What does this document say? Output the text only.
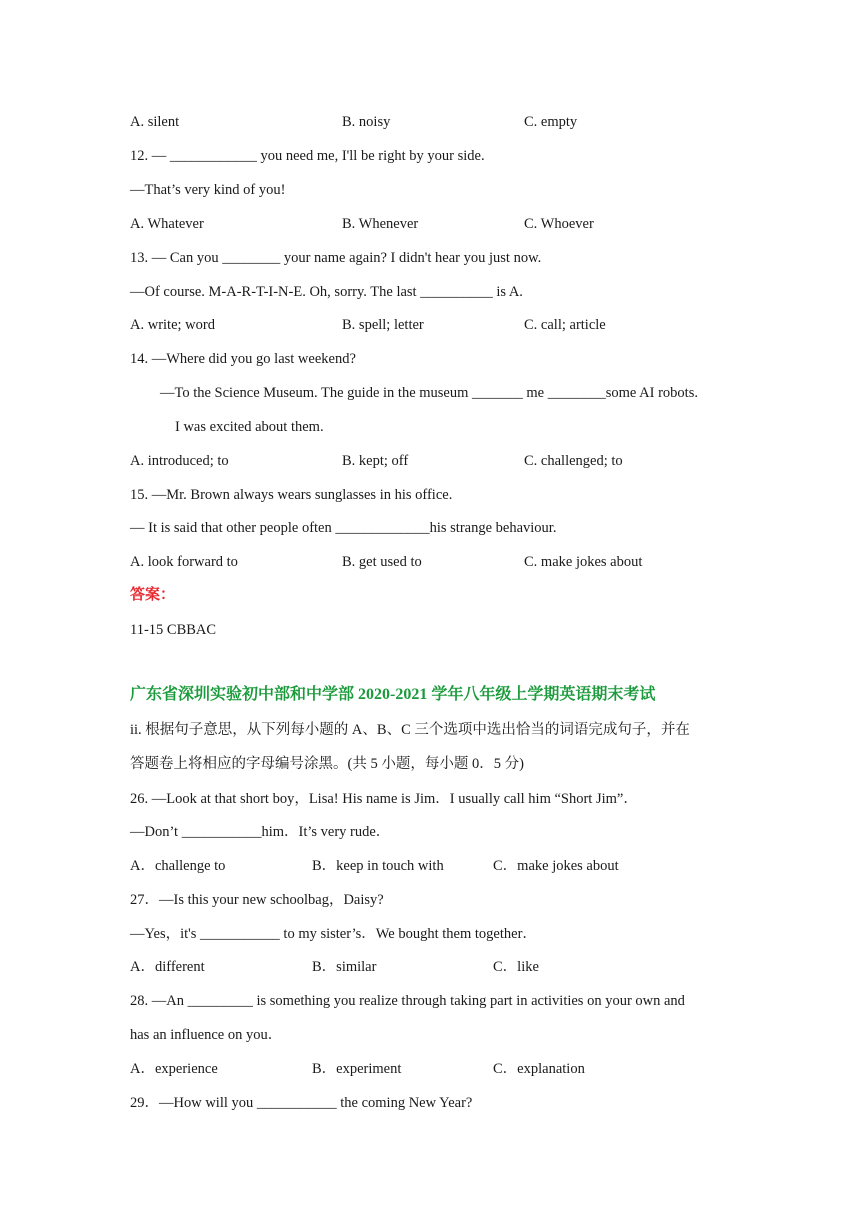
A. silent	B. noisy	C. empty
12. — ____________ you need me, I'll be right by your side.
—That’s very kind of you!
A. Whatever	B. Whenever	C. Whoever
13. — Can you ________ your name again? I didn't hear you just now.
—Of course. M-A-R-T-I-N-E. Oh, sorry. The last __________ is A.
A. write; word	B. spell; letter	C. call; article
14. —Where did you go last weekend?
—To the Science Museum. The guide in the museum _______ me ________some AI robots.
I was excited about them.
A. introduced; to	B. kept; off	C. challenged; to
15. —Mr. Brown always wears sunglasses in his office.
— It is said that other people often _____________his strange behaviour.
A. look forward to	B. get used to	C. make jokes about
答案：
11-15 CBBAC
广东省深圳实验初中部和中学部 2020-2021 学年八年级上学期英语期末考试
ii. 根据句子意思，从下列每小题的 A、B、C 三个选项中选出恰当的词语完成句子，并在
答题卷上将相应的字母编号涂黑。(共 5 小题，每小题 0．5 分)
26. —Look at that short boy，Lisa! His name is Jim．I usually call him “Short Jim”．
—Don’t ___________him．It’s very rude．
A．challenge to	B．keep in touch with	C．make jokes about
27．—Is this your new schoolbag，Daisy?
—Yes，it's ___________ to my sister’s．We bought them together．
A．different	B．similar	C．like
28. —An _________ is something you realize through taking part in activities on your own and
has an influence on you．
A．experience	B．experiment	C．explanation
29．—How will you ___________ the coming New Year?
